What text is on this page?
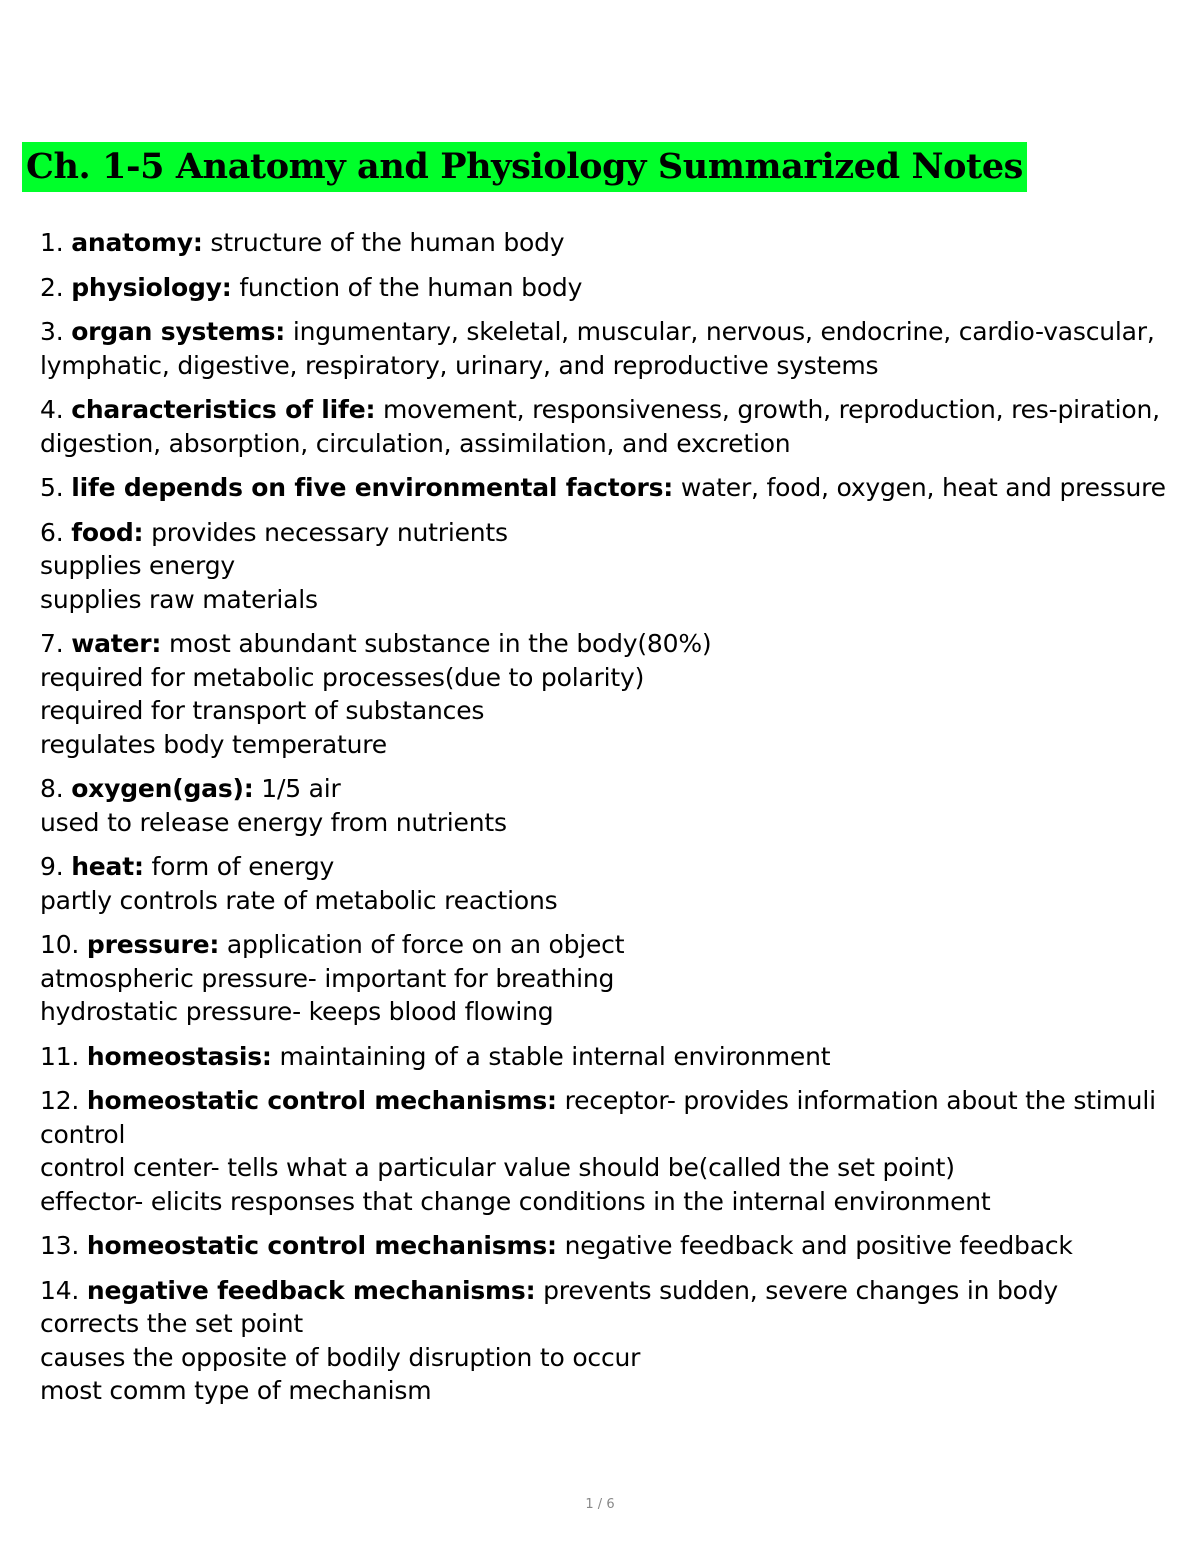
Ch. 1-5 Anatomy and Physiology Summarized Notes
1. anatomy: structure of the human body
2. physiology: function of the human body
3. organ systems: ingumentary, skeletal, muscular, nervous, endocrine, cardio-vascular, lymphatic, digestive, respiratory, urinary, and reproductive systems
4. characteristics of life: movement, responsiveness, growth, reproduction, res-piration, digestion, absorption, circulation, assimilation, and excretion
5. life depends on five environmental factors: water, food, oxygen, heat and pressure
6. food: provides necessary nutrients
supplies energy
supplies raw materials
7. water: most abundant substance in the body(80%)
required for metabolic processes(due to polarity)
required for transport of substances
regulates body temperature
8. oxygen(gas): 1/5 air
used to release energy from nutrients
9. heat: form of energy
partly controls rate of metabolic reactions
10. pressure: application of force on an object
atmospheric pressure- important for breathing
hydrostatic pressure- keeps blood flowing
11. homeostasis: maintaining of a stable internal environment
12. homeostatic control mechanisms: receptor- provides information about the stimuli
control
control center- tells what a particular value should be(called the set point)
effector- elicits responses that change conditions in the internal environment
13. homeostatic control mechanisms: negative feedback and positive feedback
14. negative feedback mechanisms: prevents sudden, severe changes in body
corrects the set point
causes the opposite of bodily disruption to occur
most comm type of mechanism
1 / 6
